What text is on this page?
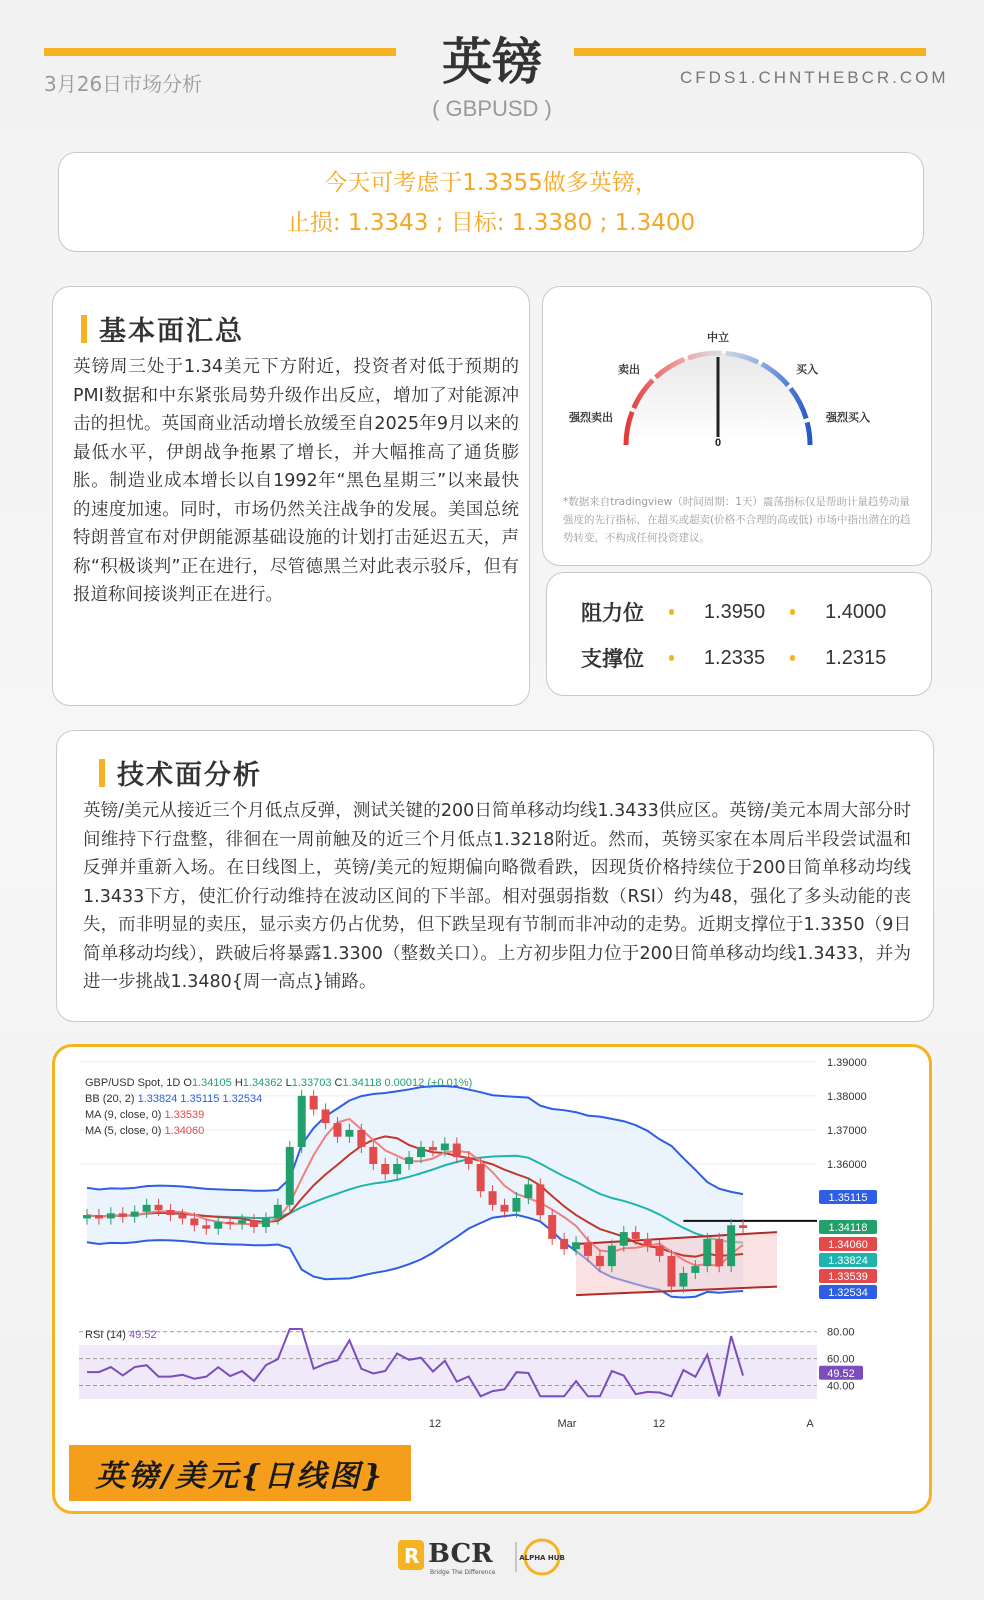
3月26日市场分析	CFDS1.CHNTHEBCR.COM
英镑
( GBPUSD )
今天可考虑于1.3355做多英镑，
止损: 1.3343 ; 目标: 1.3380 ; 1.3400
基本面汇总
英镑周三处于1.34美元下方附近，投资者对低于预期的PMI数据和中东紧张局势升级作出反应，增加了对能源冲击的担忧。英国商业活动增长放缓至自2025年9月以来的最低水平，伊朗战争拖累了增长，并大幅推高了通货膨胀。制造业成本增长以自1992年“黑色星期三”以来最快的速度加速。同时，市场仍然关注战争的发展。美国总统特朗普宣布对伊朗能源基础设施的计划打击延迟五天，声称“积极谈判”正在进行，尽管德黑兰对此表示驳斥，但有报道称间接谈判正在进行。
0
中立
卖出	买入
强烈卖出	强烈买入
*数据来自tradingview（时间周期：1天）震荡指标仅是帮助计量趋势动量强度的先行指标，在超买或超卖(价格不合理的高或低) 市场中指出潜在的趋势转变，不构成任何投资建议。
阻力位	1.3950	1.4000
支撑位	1.2335	1.2315
技术面分析
英镑/美元从接近三个月低点反弹，测试关键的200日简单移动均线1.3433供应区。英镑/美元本周大部分时间维持下行盘整，徘徊在一周前触及的近三个月低点1.3218附近。然而，英镑买家在本周后半段尝试温和反弹并重新入场。在日线图上，英镑/美元的短期偏向略微看跌，因现货价格持续位于200日简单移动均线1.3433下方，使汇价行动维持在波动区间的下半部。相对强弱指数（RSI）约为48，强化了多头动能的丧失，而非明显的卖压，显示卖方仍占优势，但下跌呈现有节制而非冲动的走势。近期支撑位于1.3350（9日简单移动均线），跌破后将暴露1.3300（整数关口）。上方初步阻力位于200日简单移动均线1.3433，并为进一步挑战1.3480{周一高点}铺路。
1.39000
1.38000
1.37000
1.36000
1.35115
1.34118
1.34060
1.33824
1.33539
1.32534
80.00
60.00
40.00
49.52
12	Mar	12	A
GBP/USD Spot, 1D O1.34105 H1.34362 L1.33703 C1.34118 0.00012 (+0.01%)
BB (20, 2) 1.33824 1.35115 1.32534
MA (9, close, 0) 1.33539
MA (5, close, 0) 1.34060
RSI (14) 49.52
英镑/美元{日线图}
R BCR
Bridge The Difference
ALPHA HUB
